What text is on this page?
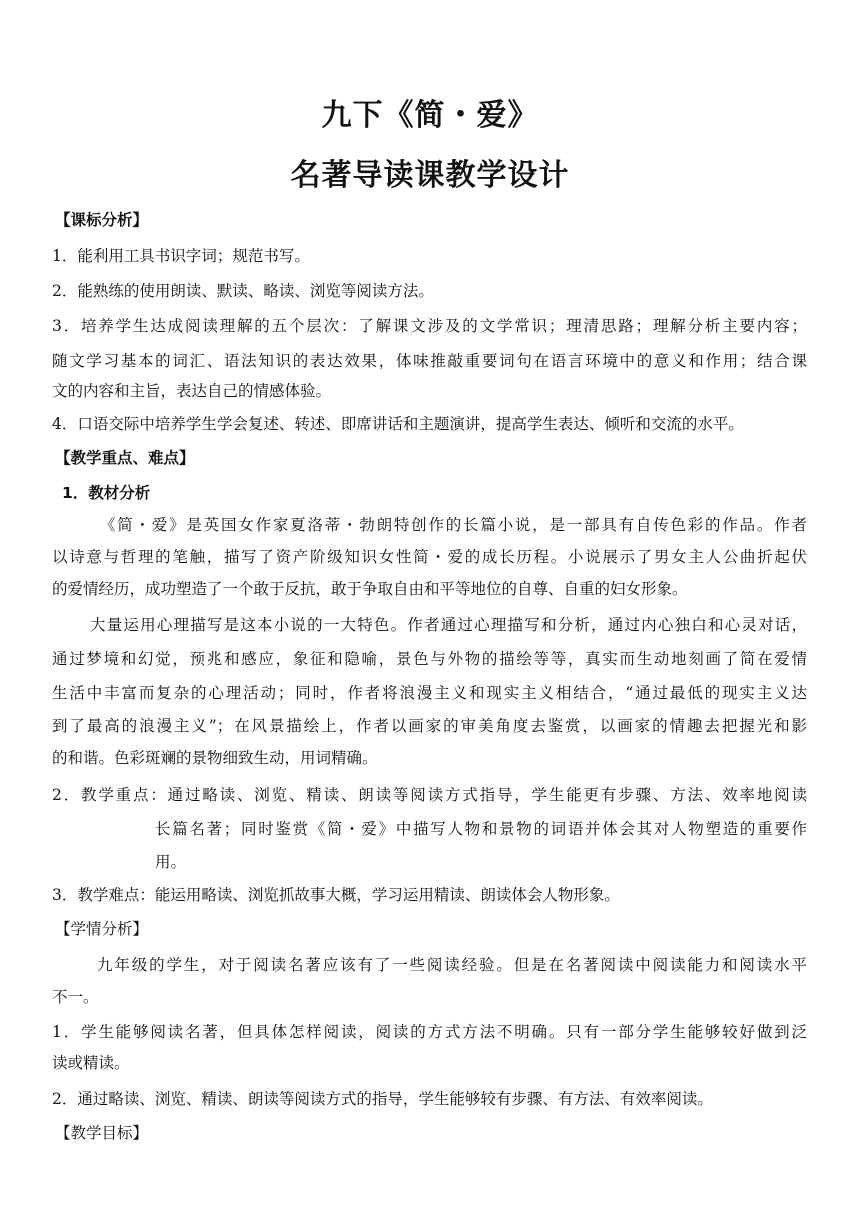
九下《简・爱》
名著导读课教学设计
【课标分析】
1．能利用工具书识字词；规范书写。
2．能熟练的使用朗读、默读、略读、浏览等阅读方法。
3．培养学生达成阅读理解的五个层次：了解课文涉及的文学常识；理清思路；理解分析主要内容；
随文学习基本的词汇、语法知识的表达效果，体味推敲重要词句在语言环境中的意义和作用；结合课
文的内容和主旨，表达自己的情感体验。
4．口语交际中培养学生学会复述、转述、即席讲话和主题演讲，提高学生表达、倾听和交流的水平。
【教学重点、难点】
1．教材分析
《简・爱》是英国女作家夏洛蒂・勃朗特创作的长篇小说，是一部具有自传色彩的作品。作者
以诗意与哲理的笔触，描写了资产阶级知识女性简・爱的成长历程。小说展示了男女主人公曲折起伏
的爱情经历，成功塑造了一个敢于反抗，敢于争取自由和平等地位的自尊、自重的妇女形象。
大量运用心理描写是这本小说的一大特色。作者通过心理描写和分析，通过内心独白和心灵对话，
通过梦境和幻觉，预兆和感应，象征和隐喻，景色与外物的描绘等等，真实而生动地刻画了简在爱情
生活中丰富而复杂的心理活动；同时，作者将浪漫主义和现实主义相结合，“通过最低的现实主义达
到了最高的浪漫主义”；在风景描绘上，作者以画家的审美角度去鉴赏，以画家的情趣去把握光和影
的和谐。色彩斑斓的景物细致生动，用词精确。
2．教学重点：通过略读、浏览、精读、朗读等阅读方式指导，学生能更有步骤、方法、效率地阅读
长篇名著；同时鉴赏《简・爱》中描写人物和景物的词语并体会其对人物塑造的重要作
用。
3．教学难点：能运用略读、浏览抓故事大概，学习运用精读、朗读体会人物形象。
【学情分析】
九年级的学生，对于阅读名著应该有了一些阅读经验。但是在名著阅读中阅读能力和阅读水平
不一。
1．学生能够阅读名著，但具体怎样阅读，阅读的方式方法不明确。只有一部分学生能够较好做到泛
读或精读。
2．通过略读、浏览、精读、朗读等阅读方式的指导，学生能够较有步骤、有方法、有效率阅读。
【教学目标】
